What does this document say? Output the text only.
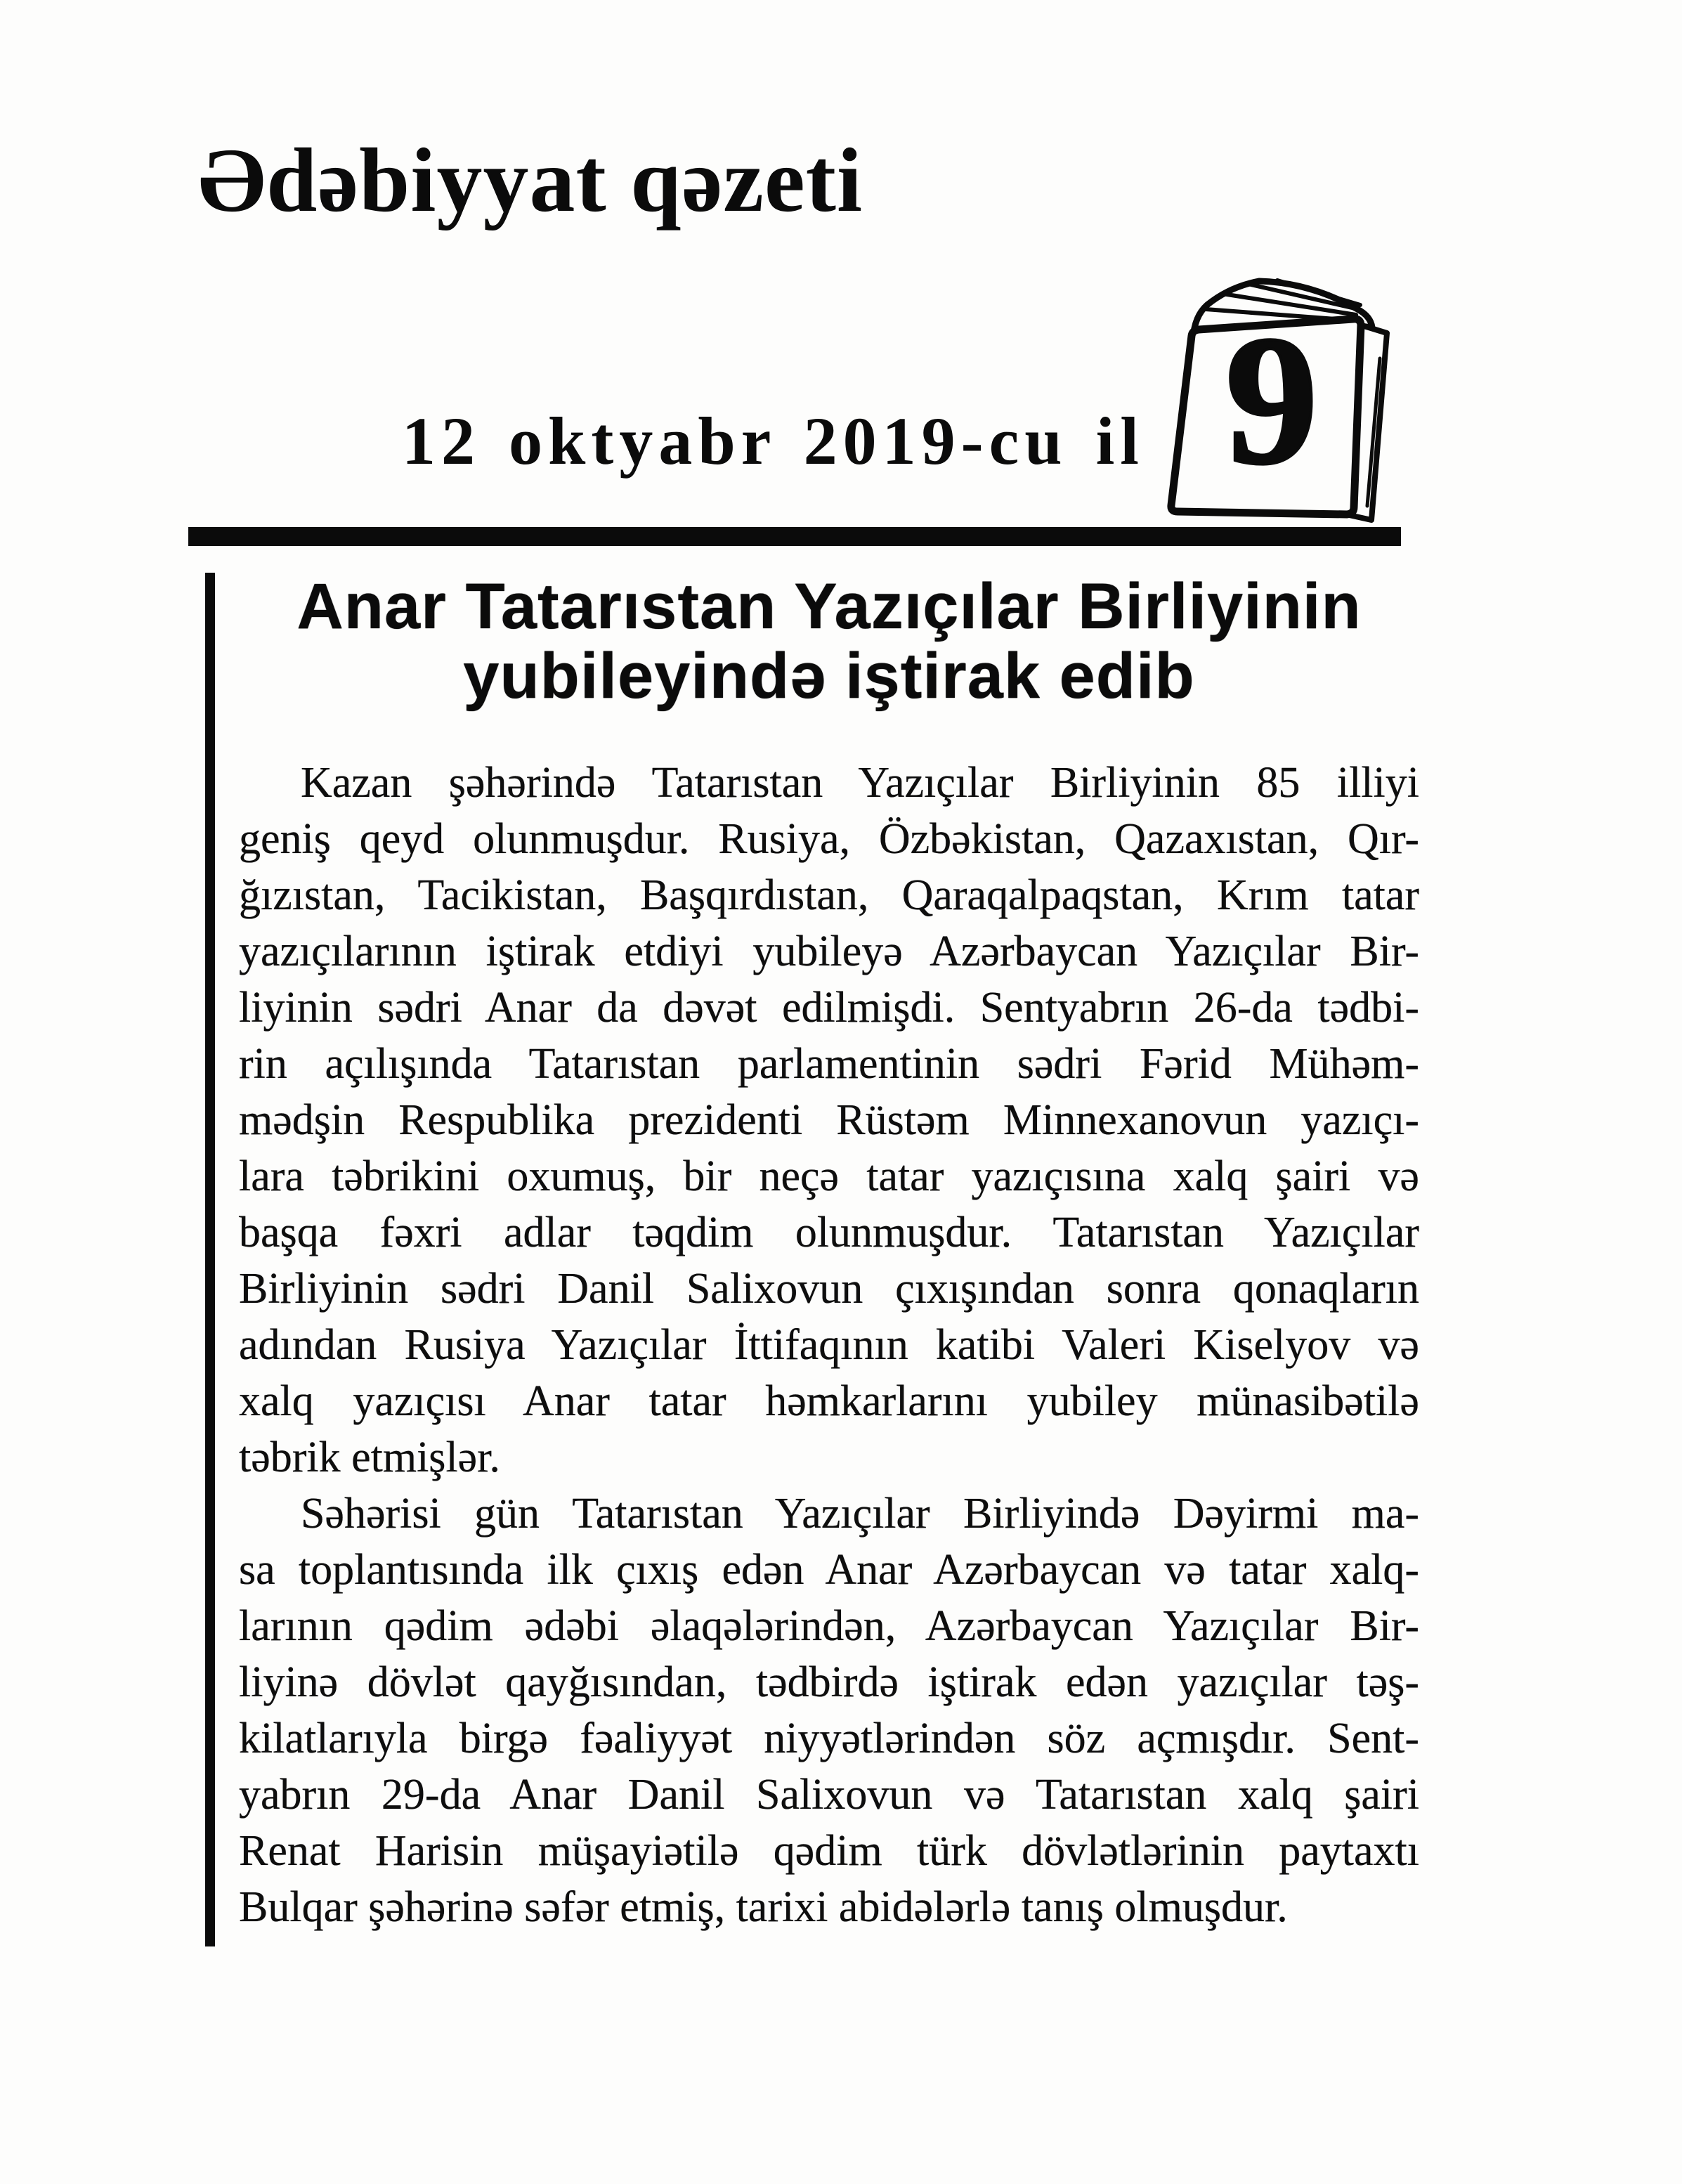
Ədəbiyyat qəzeti
12 oktyabr 2019-cu il 9
Anar Tatarıstan Yazıçılar Birliyinin
yubileyində iştirak edib
Kazan şəhərində Tatarıstan Yazıçılar Birliyinin 85 illiyi
geniş qeyd olunmuşdur. Rusiya, Özbəkistan, Qazaxıstan, Qır-
ğızıstan, Tacikistan, Başqırdıstan, Qaraqalpaqstan, Krım tatar
yazıçılarının iştirak etdiyi yubileyə Azərbaycan Yazıçılar Bir-
liyinin sədri Anar da dəvət edilmişdi. Sentyabrın 26-da tədbi-
rin açılışında Tatarıstan parlamentinin sədri Fərid Mühəm-
mədşin Respublika prezidenti Rüstəm Minnexanovun yazıçı-
lara təbrikini oxumuş, bir neçə tatar yazıçısına xalq şairi və
başqa fəxri adlar təqdim olunmuşdur. Tatarıstan Yazıçılar
Birliyinin sədri Danil Salixovun çıxışından sonra qonaqların
adından Rusiya Yazıçılar İttifaqının katibi Valeri Kiselyov və
xalq yazıçısı Anar tatar həmkarlarını yubiley münasibətilə
təbrik etmişlər.
Səhərisi gün Tatarıstan Yazıçılar Birliyində Dəyirmi ma-
sa toplantısında ilk çıxış edən Anar Azərbaycan və tatar xalq-
larının qədim ədəbi əlaqələrindən, Azərbaycan Yazıçılar Bir-
liyinə dövlət qayğısından, tədbirdə iştirak edən yazıçılar təş-
kilatlarıyla birgə fəaliyyət niyyətlərindən söz açmışdır. Sent-
yabrın 29-da Anar Danil Salixovun və Tatarıstan xalq şairi
Renat Harisin müşayiətilə qədim türk dövlətlərinin paytaxtı
Bulqar şəhərinə səfər etmiş, tarixi abidələrlə tanış olmuşdur.
